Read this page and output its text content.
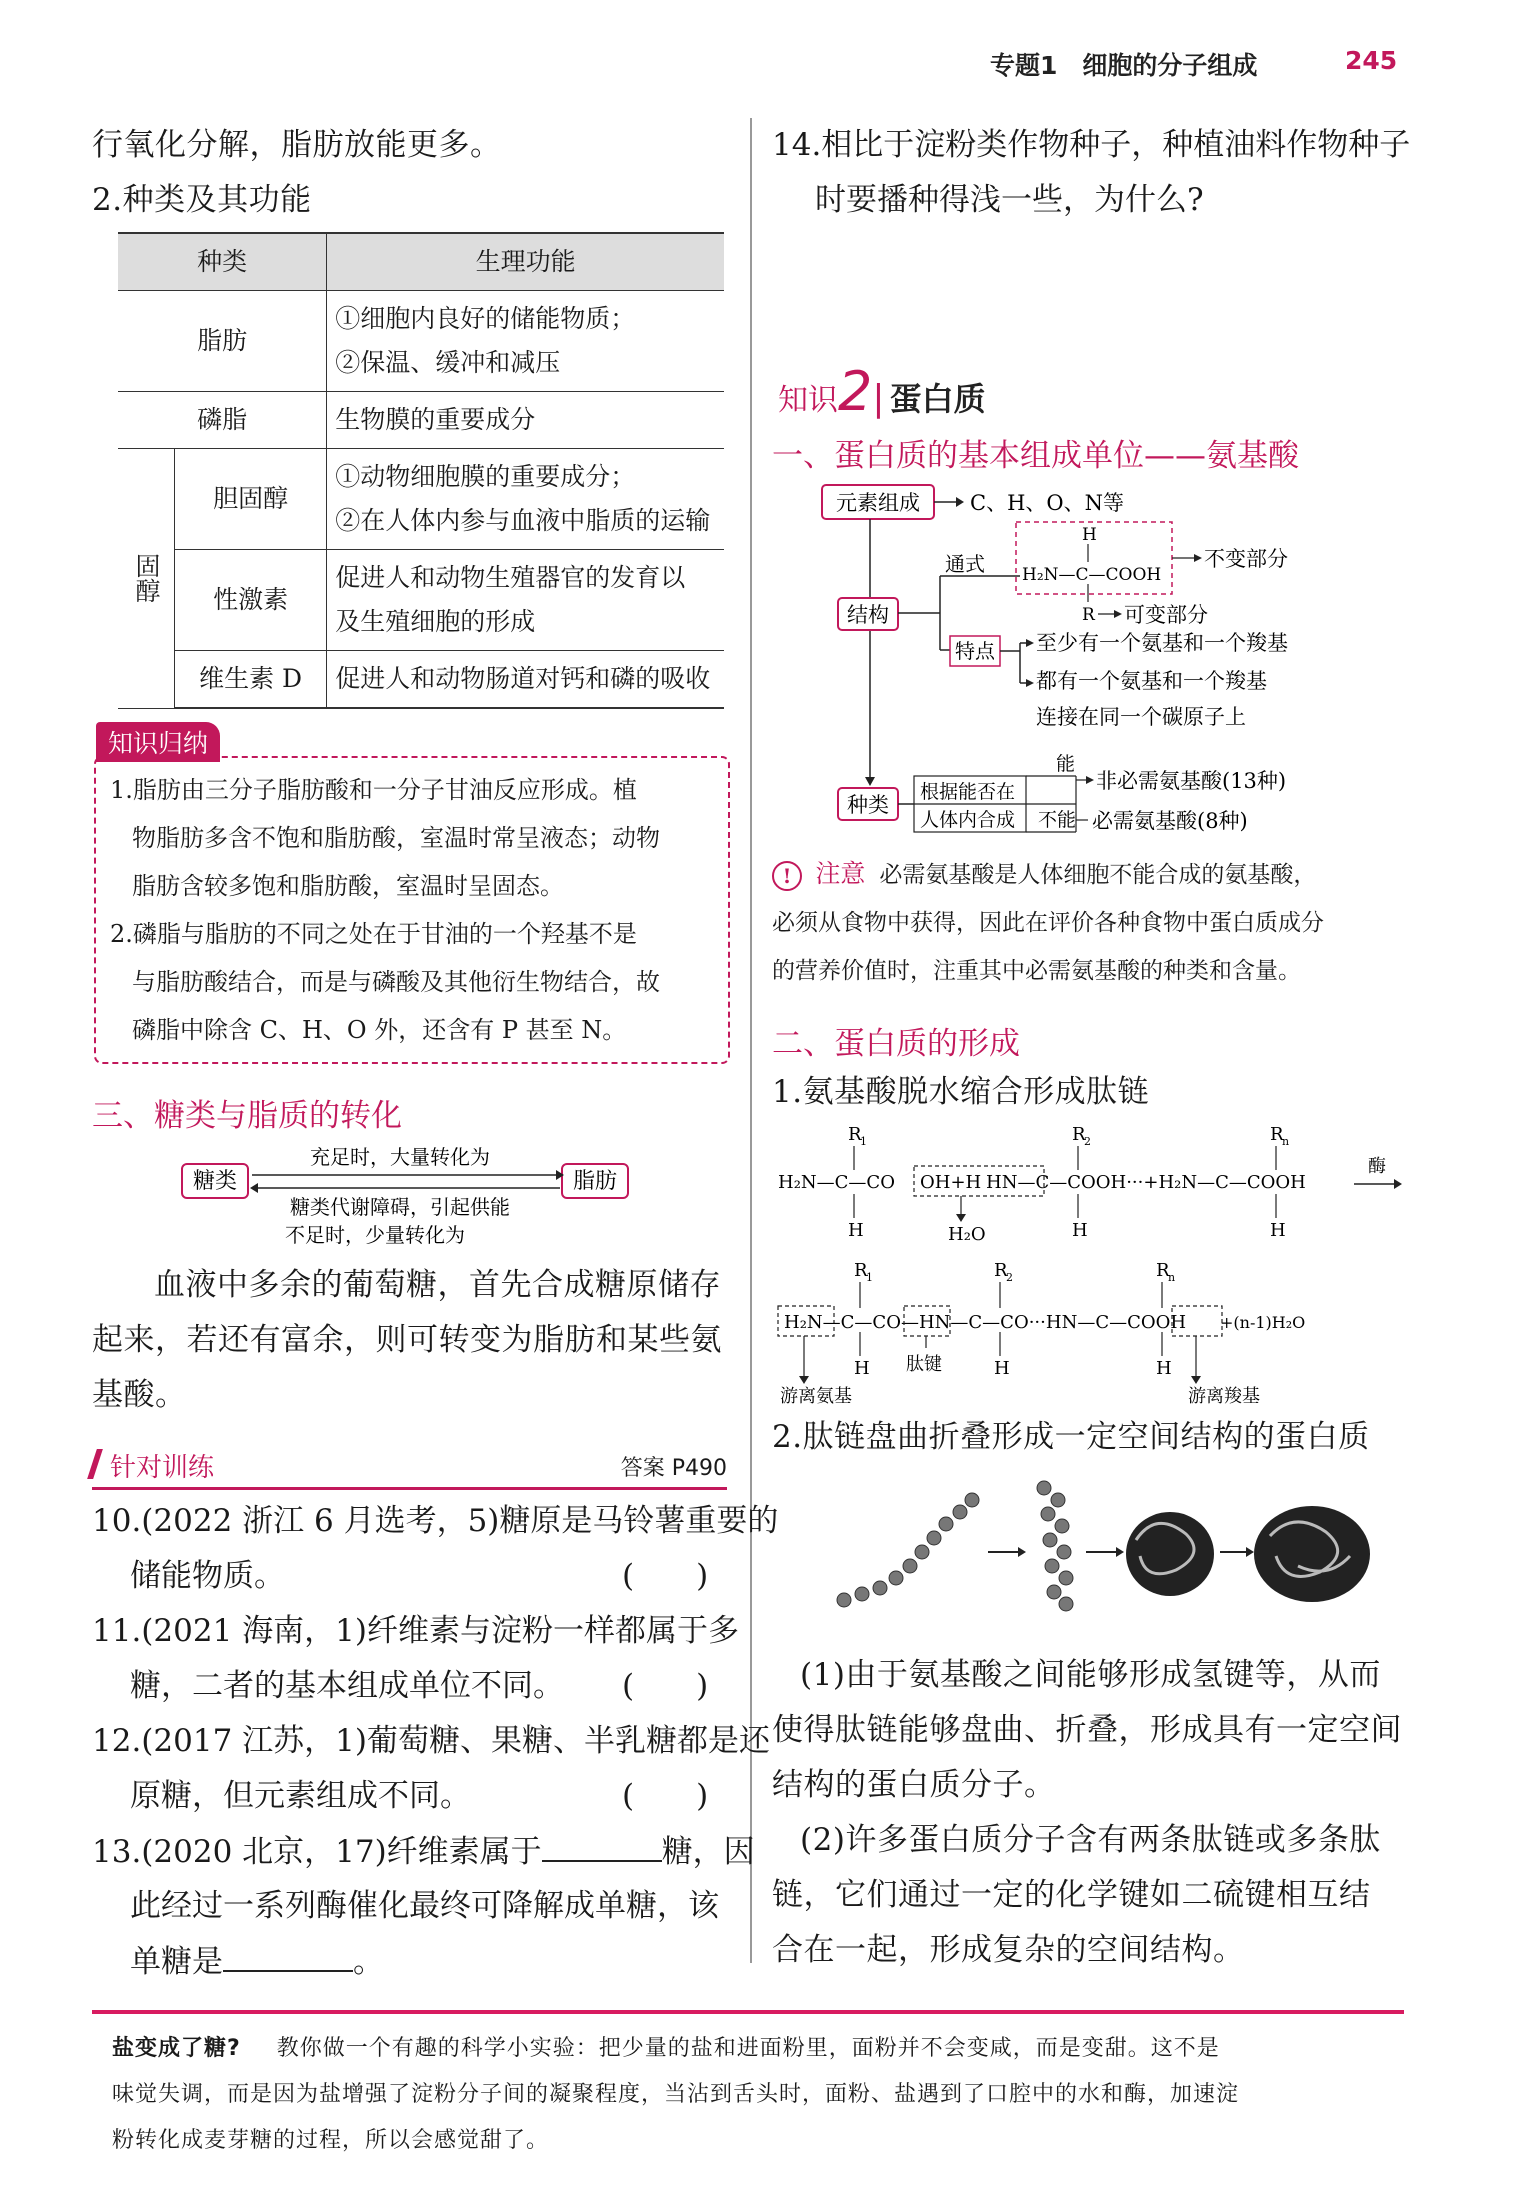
专题1　细胞的分子组成	245
行氧化分解，脂肪放能更多。
2.种类及其功能
种类		生理功能
脂肪		①细胞内良好的储能物质；
②保温、缓冲和减压

磷脂		生物膜的重要成分

固醇	胆固醇	①动物细胞膜的重要成分；
②在人体内参与血液中脂质的运输

	性激素	促进人和动物生殖器官的发育以
及生殖细胞的形成

	维生素 D	促进人和动物肠道对钙和磷的吸收
知识归纳
1.脂肪由三分子脂肪酸和一分子甘油反应形成。植
物脂肪多含不饱和脂肪酸，室温时常呈液态；动物
脂肪含较多饱和脂肪酸，室温时呈固态。
2.磷脂与脂肪的不同之处在于甘油的一个羟基不是
与脂肪酸结合，而是与磷酸及其他衍生物结合，故
磷脂中除含 C、H、O 外，还含有 P 甚至 N。
三、糖类与脂质的转化
糖类	脂肪
充足时，大量转化为
糖类代谢障碍，引起供能
不足时，少量转化为
血液中多余的葡萄糖，首先合成糖原储存
起来，若还有富余，则可转变为脂肪和某些氨
基酸。
针对训练	答案 P490
10.(2022 浙江 6 月选考，5)糖原是马铃薯重要的
储能物质。	(　　)
11.(2021 海南，1)纤维素与淀粉一样都属于多
糖，二者的基本组成单位不同。 (　　)
12.(2017 江苏，1)葡萄糖、果糖、半乳糖都是还
原糖，但元素组成不同。	(　　)
13.(2020 北京，17)纤维素属于	糖，因
此经过一系列酶催化最终可降解成单糖，该
单糖是	。
14.相比于淀粉类作物种子，种植油料作物种子
时要播种得浅一些，为什么?
知识2| 蛋白质
一、蛋白质的基本组成单位——氨基酸
元素组成 C、H、O、N等
结构
通式
H
H₂N—C—COOH
R
不变部分
可变部分
特点 至少有一个氨基和一个羧基
都有一个氨基和一个羧基
连接在同一个碳原子上
种类
根据能否在
人体内合成
能
不能
非必需氨基酸(13种)
必需氨基酸(8种)
! 注意 必需氨基酸是人体细胞不能合成的氨基酸，
必须从食物中获得，因此在评价各种食物中蛋白质成分
的营养价值时，注重其中必需氨基酸的种类和含量。
二、蛋白质的形成
1.氨基酸脱水缩合形成肽链
R
1
H₂N—C—CO OH+H HN—C—COOH···+H₂N—C—COOH
H	H₂O
R
2
H
R
n
H
酶
R
1
H₂N—C—CO—HN—C—CO···HN—C—COOH +(n-1)H₂O
H
R
2
H
R
n
H
游离氨基
肽键
游离羧基
2.肽链盘曲折叠形成一定空间结构的蛋白质
(1)由于氨基酸之间能够形成氢键等，从而
使得肽链能够盘曲、折叠，形成具有一定空间
结构的蛋白质分子。
(2)许多蛋白质分子含有两条肽链或多条肽
链，它们通过一定的化学键如二硫键相互结
合在一起，形成复杂的空间结构。
盐变成了糖? 教你做一个有趣的科学小实验：把少量的盐和进面粉里，面粉并不会变咸，而是变甜。这不是
味觉失调，而是因为盐增强了淀粉分子间的凝聚程度，当沾到舌头时，面粉、盐遇到了口腔中的水和酶，加速淀
粉转化成麦芽糖的过程，所以会感觉甜了。
